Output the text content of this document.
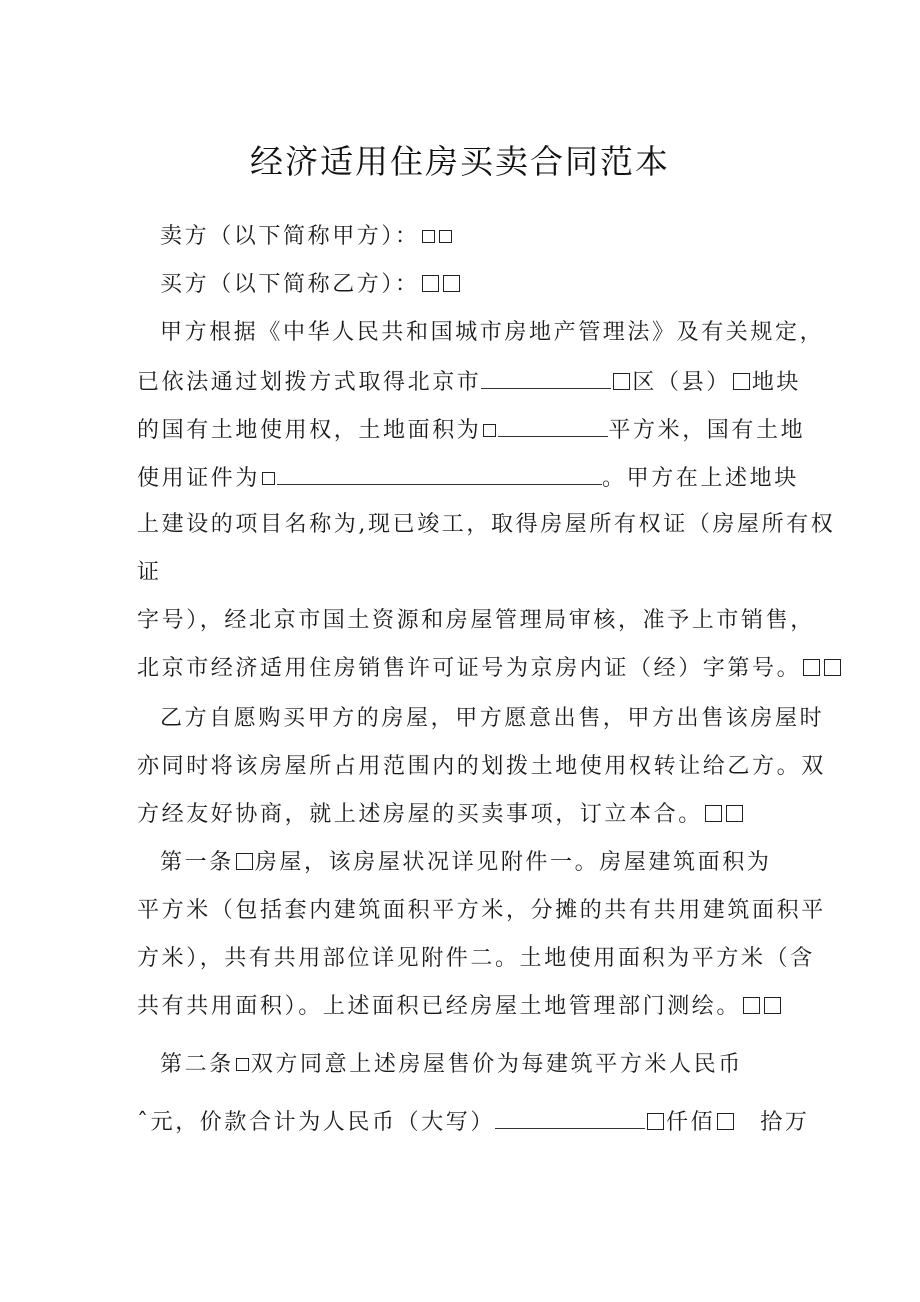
经济适用住房买卖合同范本
卖方（以下简称甲方）：
买方（以下简称乙方）：
甲方根据《中华人民共和国城市房地产管理法》及有关规定，
已依法通过划拨方式取得北京市	区（县） 地块
的国有土地使用权，土地面积为	平方米，国有土地
使用证件为	。甲方在上述地块
上建设的项目名称为,现已竣工，取得房屋所有权证（房屋所有权
证
字号），经北京市国土资源和房屋管理局审核，准予上市销售，
北京市经济适用住房销售许可证号为京房内证（经）字第号。
乙方自愿购买甲方的房屋，甲方愿意出售，甲方出售该房屋时
亦同时将该房屋所占用范围内的划拨土地使用权转让给乙方。双
方经友好协商，就上述房屋的买卖事项，订立本合。
第一条 房屋，该房屋状况详见附件一。房屋建筑面积为
平方米（包括套内建筑面积平方米，分摊的共有共用建筑面积平
方米），共有共用部位详见附件二。土地使用面积为平方米（含
共有共用面积）。上述面积已经房屋土地管理部门测绘。
第二条 双方同意上述房屋售价为每建筑平方米人民币
ˆ元，价款合计为人民币（大写）	仟佰 拾万
